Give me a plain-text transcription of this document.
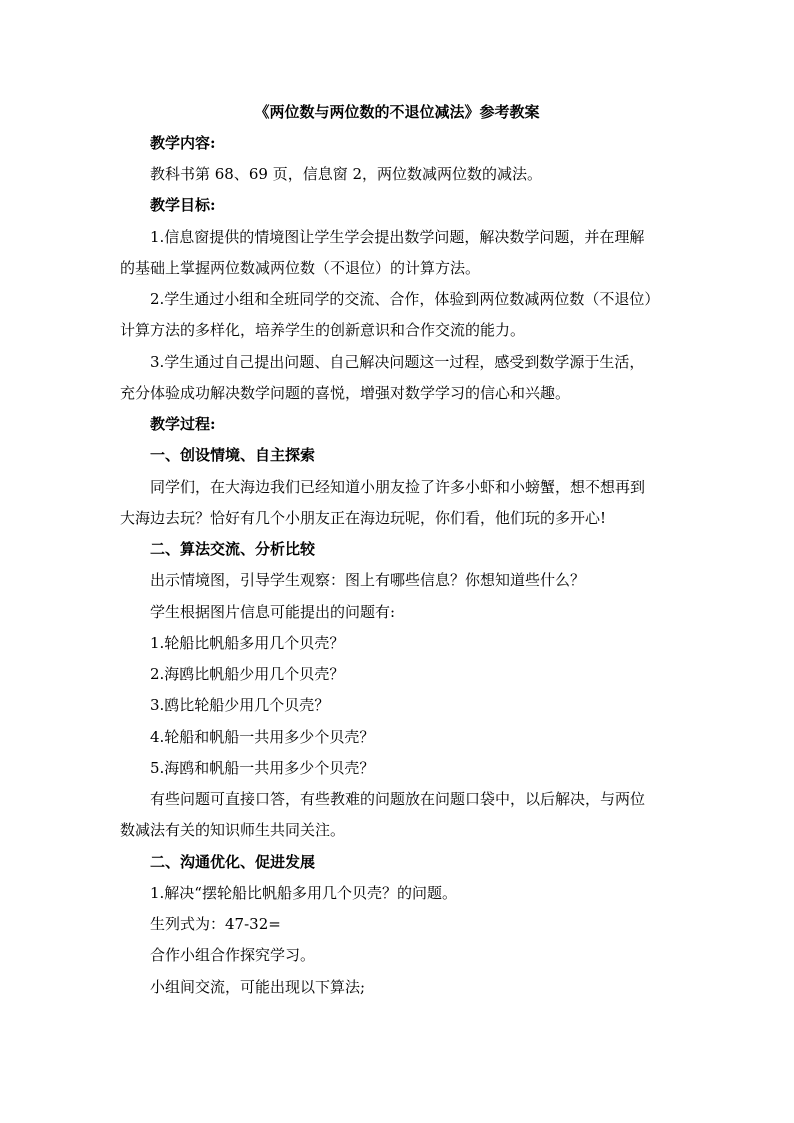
《两位数与两位数的不退位减法》参考教案
教学内容:
教科书第 68、69 页，信息窗 2，两位数减两位数的减法。
教学目标:
1.信息窗提供的情境图让学生学会提出数学问题，解决数学问题，并在理解
的基础上掌握两位数减两位数（不退位）的计算方法。
2.学生通过小组和全班同学的交流、合作，体验到两位数减两位数（不退位）
计算方法的多样化，培养学生的创新意识和合作交流的能力。
3.学生通过自己提出问题、自己解决问题这一过程，感受到数学源于生活，
充分体验成功解决数学问题的喜悦，增强对数学学习的信心和兴趣。
教学过程:
一、创设情境、自主探索
同学们，在大海边我们已经知道小朋友捡了许多小虾和小螃蟹，想不想再到
大海边去玩？恰好有几个小朋友正在海边玩呢，你们看，他们玩的多开心!
二、算法交流、分析比较
出示情境图，引导学生观察：图上有哪些信息？你想知道些什么？
学生根据图片信息可能提出的问题有:
1.轮船比帆船多用几个贝壳？
2.海鸥比帆船少用几个贝壳？
3.鸥比轮船少用几个贝壳？
4.轮船和帆船一共用多少个贝壳？
5.海鸥和帆船一共用多少个贝壳？
有些问题可直接口答，有些教难的问题放在问题口袋中，以后解决，与两位
数减法有关的知识师生共同关注。
二、沟通优化、促进发展
1.解决“摆轮船比帆船多用几个贝壳？的问题。
生列式为：47-32=
合作小组合作探究学习。
小组间交流，可能出现以下算法;
